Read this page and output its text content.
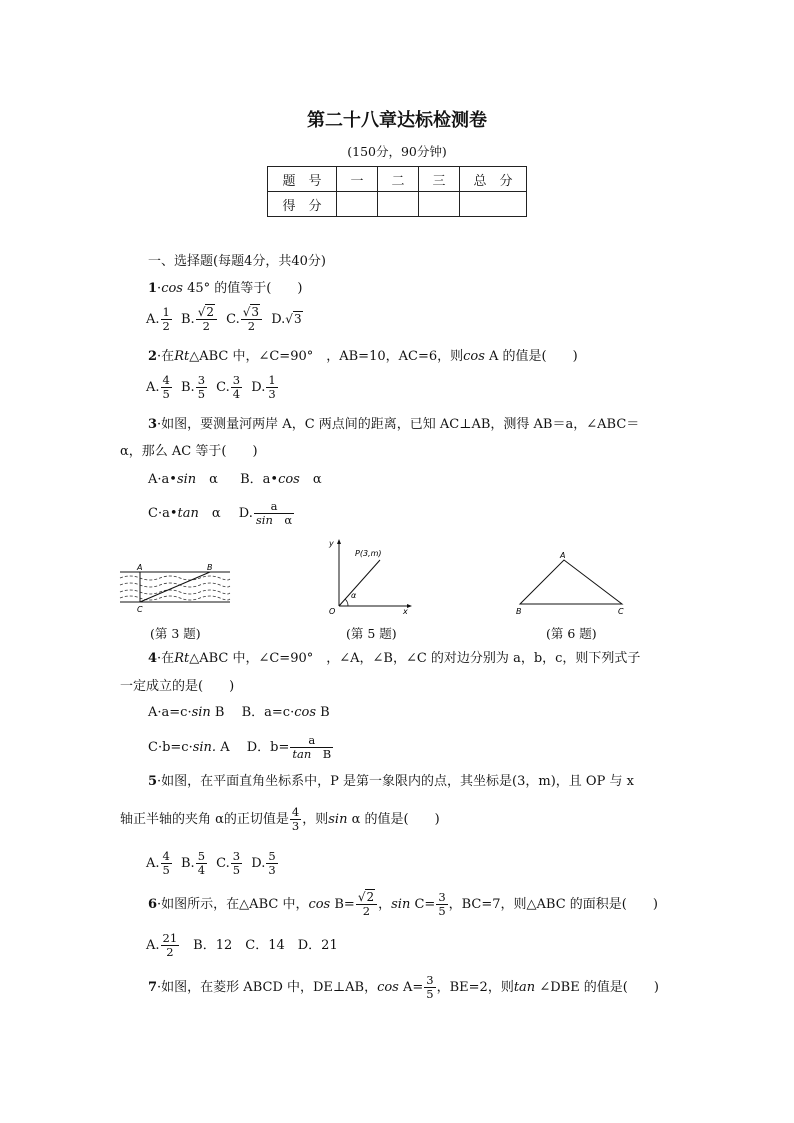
第二十八章达标检测卷
(150分，90分钟)
题　号	一	二	三	总　分
得　分				
一、选择题(每题4分，共40分)
1·cos 45° 的值等于(　　)
A. $\frac{1}{2} B$. $\frac{√2}{2} C$. $\frac{√3}{2} D.√3$
2·在Rt△ABC 中，∠C=90°　，AB=10，AC=6，则cos A 的值是(　　)
A. $\frac{4}{5} B$. $\frac{3}{5} C$. $\frac{3}{4} D$. $\frac{1}{3}$
3·如图，要测量河两岸 A，C 两点间的距离，已知 AC⊥AB，测得 AB＝a，∠ABC＝
α，那么 AC 等于(　　)
A·a•sin　α B．a•cos　α
C·a•tan　α D. $\frac{a}{\text{sin　α}}$
A	B
C
(第 3 题)
y
P(3,m)
α
O	x
(第 5 题)
A
B	C
(第 6 题)
4·在Rt△ABC 中，∠C=90°　，∠A，∠B，∠C 的对边分别为 a，b，c，则下列式子
一定成立的是(　　)
A·a=c·sin B 　B．a=c·cos B
C·b=c·sin. A 　D．$b= \frac{a}{\text{tan　B}}$
5·如图，在平面直角坐标系中，P 是第一象限内的点，其坐标是(3，m)，且 OP 与 x
轴正半轴的夹角 α的正切值是 $\frac{4}{3}$ ，则sin α 的值是(　　)
A. $\frac{4}{5} B$. $\frac{5}{4} C$. $\frac{3}{5} D$. $\frac{5}{3}$
6·如图所示，在△ABC 中，$\cos B= \frac{√2}{2}$ ，$\sin C= \frac{3}{5}$ ，BC=7，则△ABC 的面积是(　　)
A. $\frac{21}{2}$ 　B．12　C．14　D．21
7·如图，在菱形 ABCD 中，DE⊥AB，$\cos A= \frac{3}{5}$ ，BE=2，则tan ∠DBE 的值是(　　)
